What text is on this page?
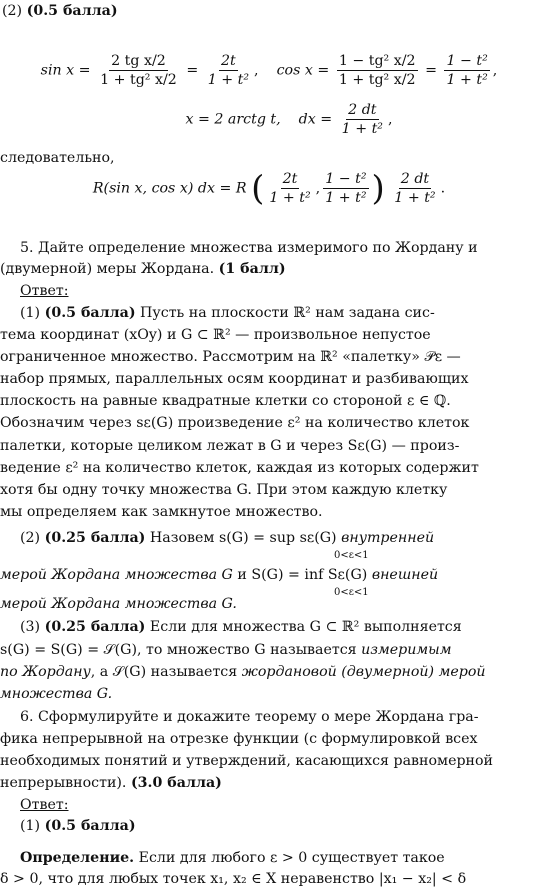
(2) (0.5 балла)
$\sin x = \frac{\text{2 tg x/2}}{\text{1 + tg² x/2}} = \frac{2t}{\text{1 + t²}}$ , $\cos x = \frac{\text{1 − tg² x/2}}{\text{1 + tg² x/2}} = \frac{\text{1 − t²}}{\text{1 + t²}}$ ,
x = 2 arctg t, dx = $\frac{2 dt}{\text{1 + t²}}$ ,
следовательно,
R(sin x, cos x) dx = R ( $\frac{2t}{\text{1 + t²}}$ , $\frac{\text{1 − t²}}{\text{1 + t²}}$ ) $\frac{2 dt}{\text{1 + t²}}$ .
5. Дайте определение множества измеримого по Жордану и
(двумерной) меры Жордана. (1 балл)
Ответ:
(1) (0.5 балла) Пусть на плоскости ℝ² нам задана сис-
тема координат (xOy) и G ⊂ ℝ² — произвольное непустое
ограниченное множество. Рассмотрим на ℝ² «палетку» 𝒫ε —
набор прямых, параллельных осям координат и разбивающих
плоскость на равные квадратные клетки со стороной ε ∈ ℚ.
Обозначим через sε(G) произведение ε² на количество клеток
палетки, которые целиком лежат в G и через Sε(G) — произ-
ведение ε² на количество клеток, каждая из которых содержит
хотя бы одну точку множества G. При этом каждую клетку
мы определяем как замкнутое множество.
(2) (0.25 балла) Назовем s(G) = sup sε(G) внутренней
0<ε<1
мерой Жордана множества G и S(G) = inf Sε(G) внешней
0<ε<1
мерой Жордана множества G.
(3) (0.25 балла) Если для множества G ⊂ ℝ² выполняется
s(G) = S(G) = 𝒮(G), то множество G называется измеримым
по Жордану, а 𝒮(G) называется жордановой (двумерной) мерой
множества G.
6. Сформулируйте и докажите теорему о мере Жордана гра-
фика непрерывной на отрезке функции (с формулировкой всех
необходимых понятий и утверждений, касающихся равномерной
непрерывности). (3.0 балла)
Ответ:
(1) (0.5 балла)
Определение. Если для любого ε > 0 существует такое
δ > 0, что для любых точек x₁, x₂ ∈ X неравенство |x₁ − x₂| < δ
